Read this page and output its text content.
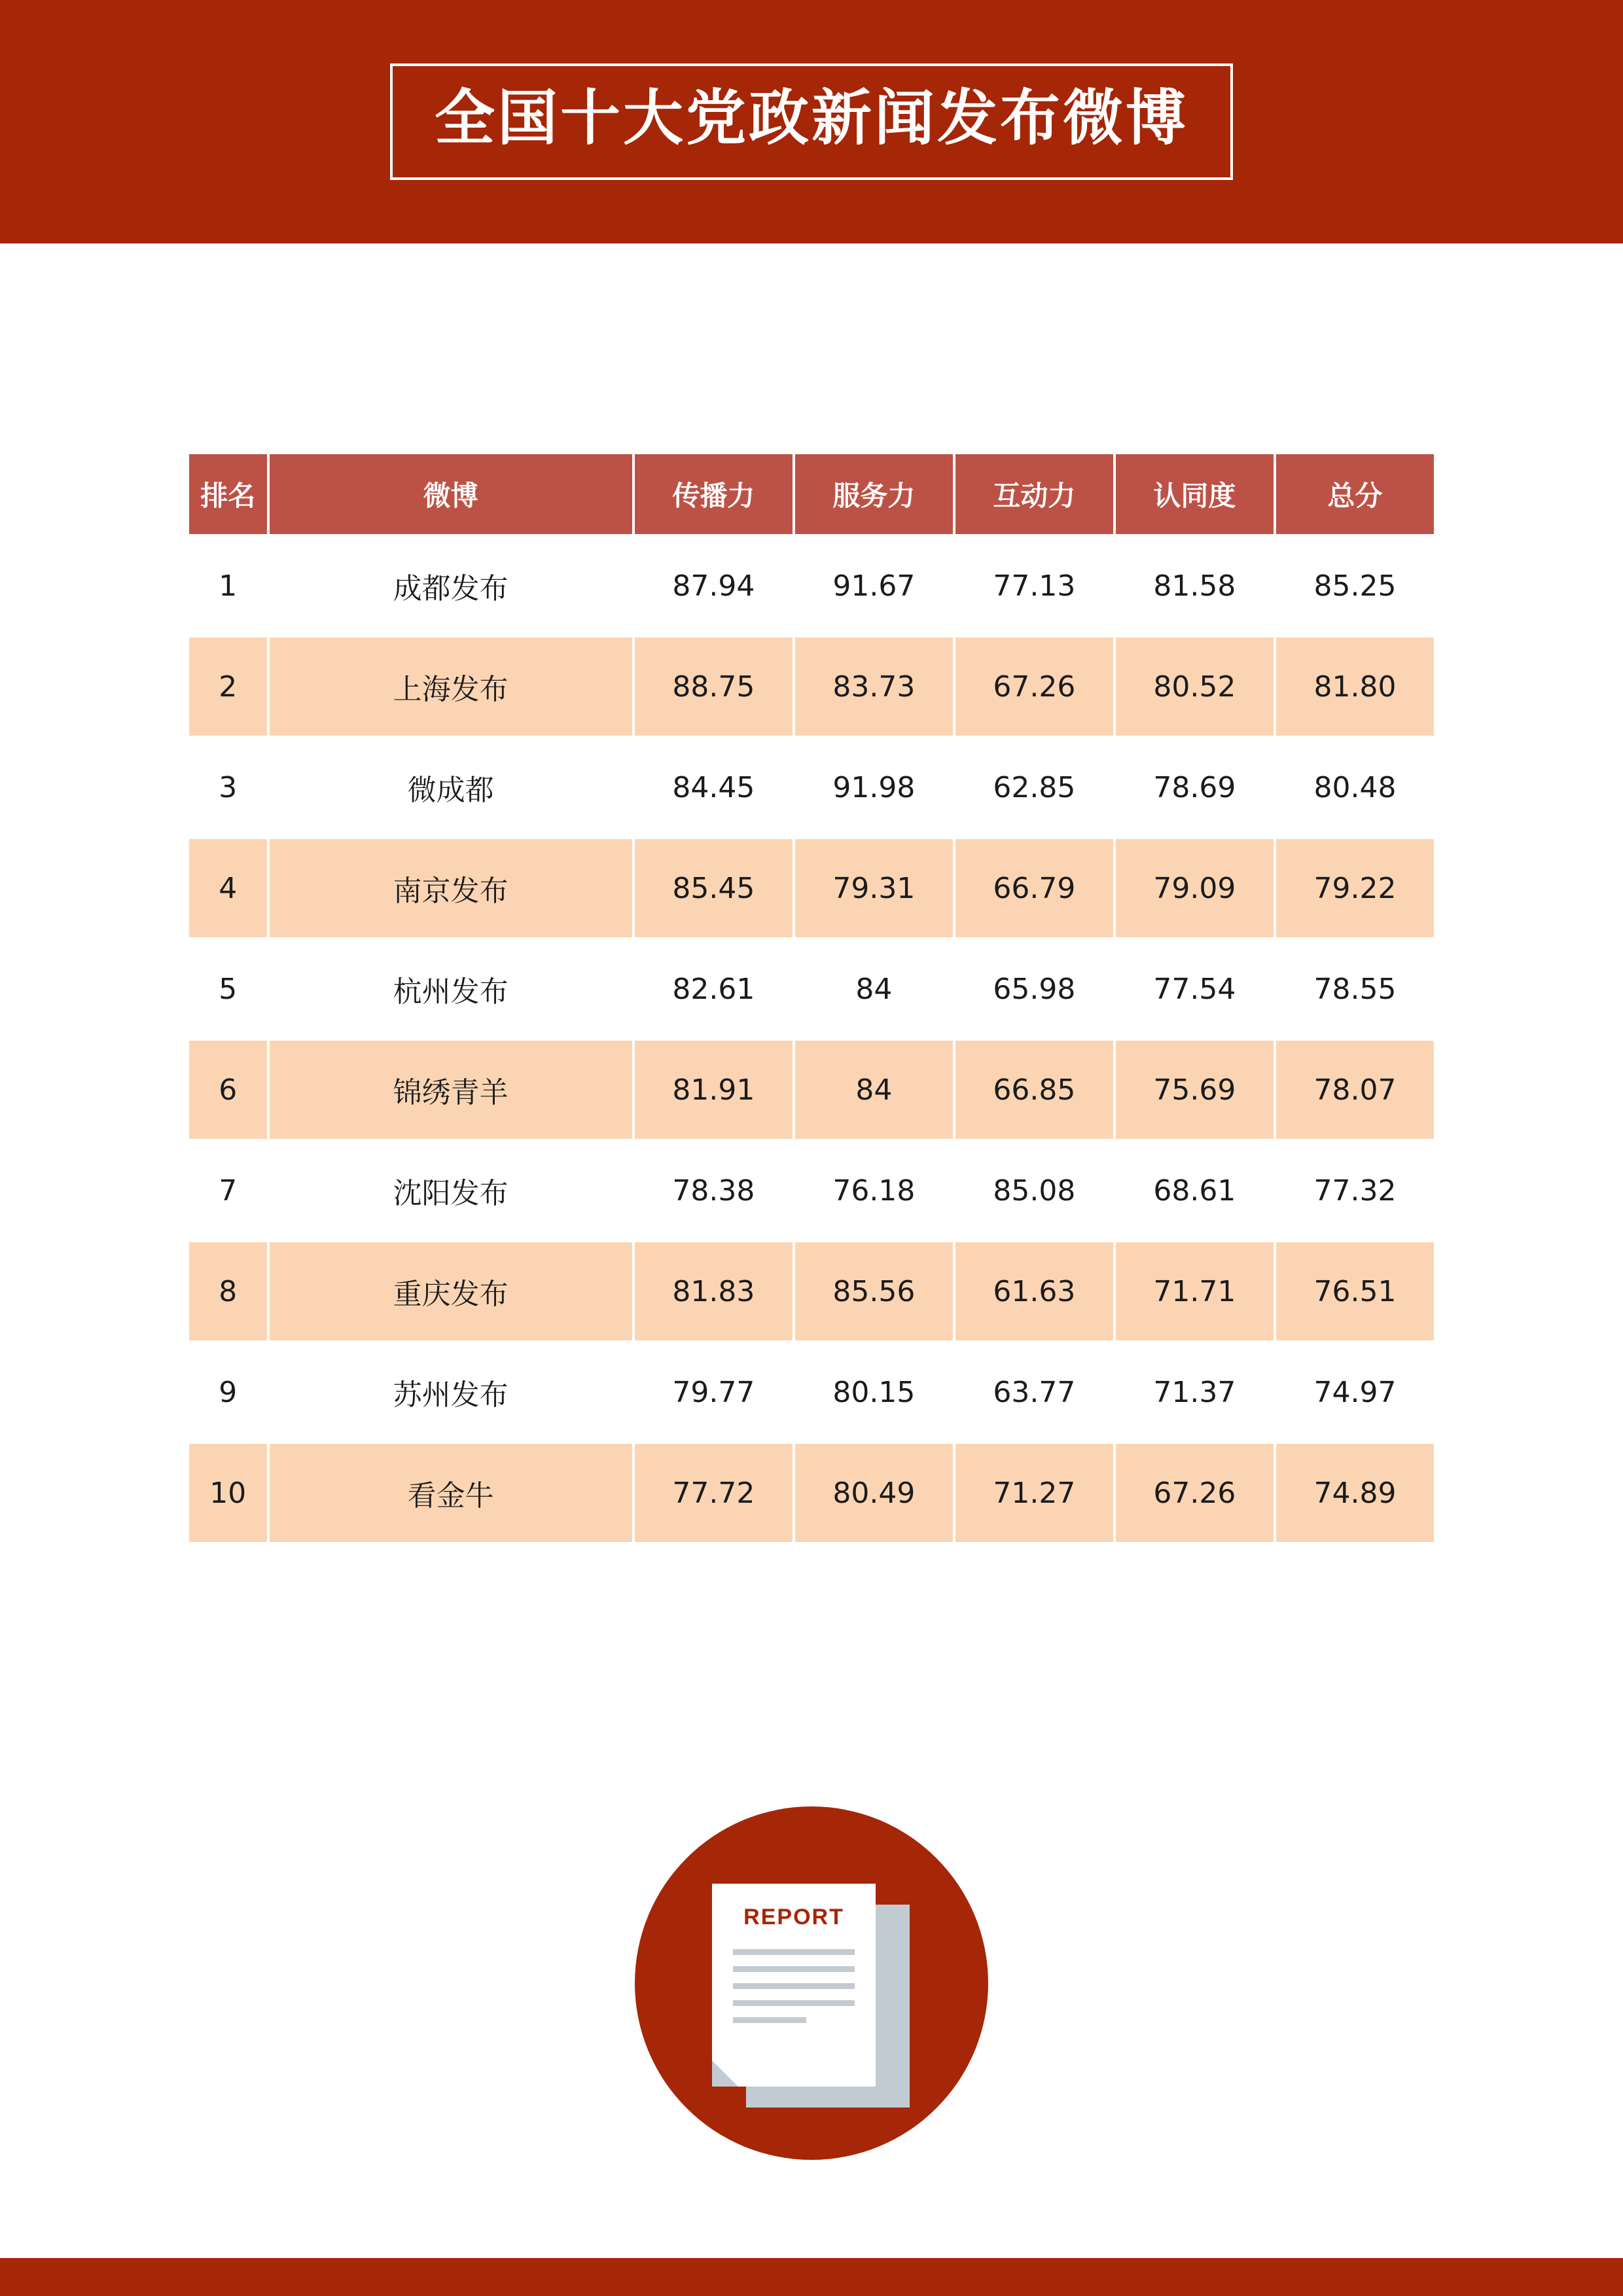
全国十大党政新闻发布微博
排名	微博	传播力	服务力	互动力	认同度	总分
1	成都发布	87.94	91.67	77.13	81.58	85.25
2	上海发布	88.75	83.73	67.26	80.52	81.80
3	微成都	84.45	91.98	62.85	78.69	80.48
4	南京发布	85.45	79.31	66.79	79.09	79.22
5	杭州发布	82.61	84	65.98	77.54	78.55
6	锦绣青羊	81.91	84	66.85	75.69	78.07
7	沈阳发布	78.38	76.18	85.08	68.61	77.32
8	重庆发布	81.83	85.56	61.63	71.71	76.51
9	苏州发布	79.77	80.15	63.77	71.37	74.97
10	看金牛	77.72	80.49	71.27	67.26	74.89
REPORT
